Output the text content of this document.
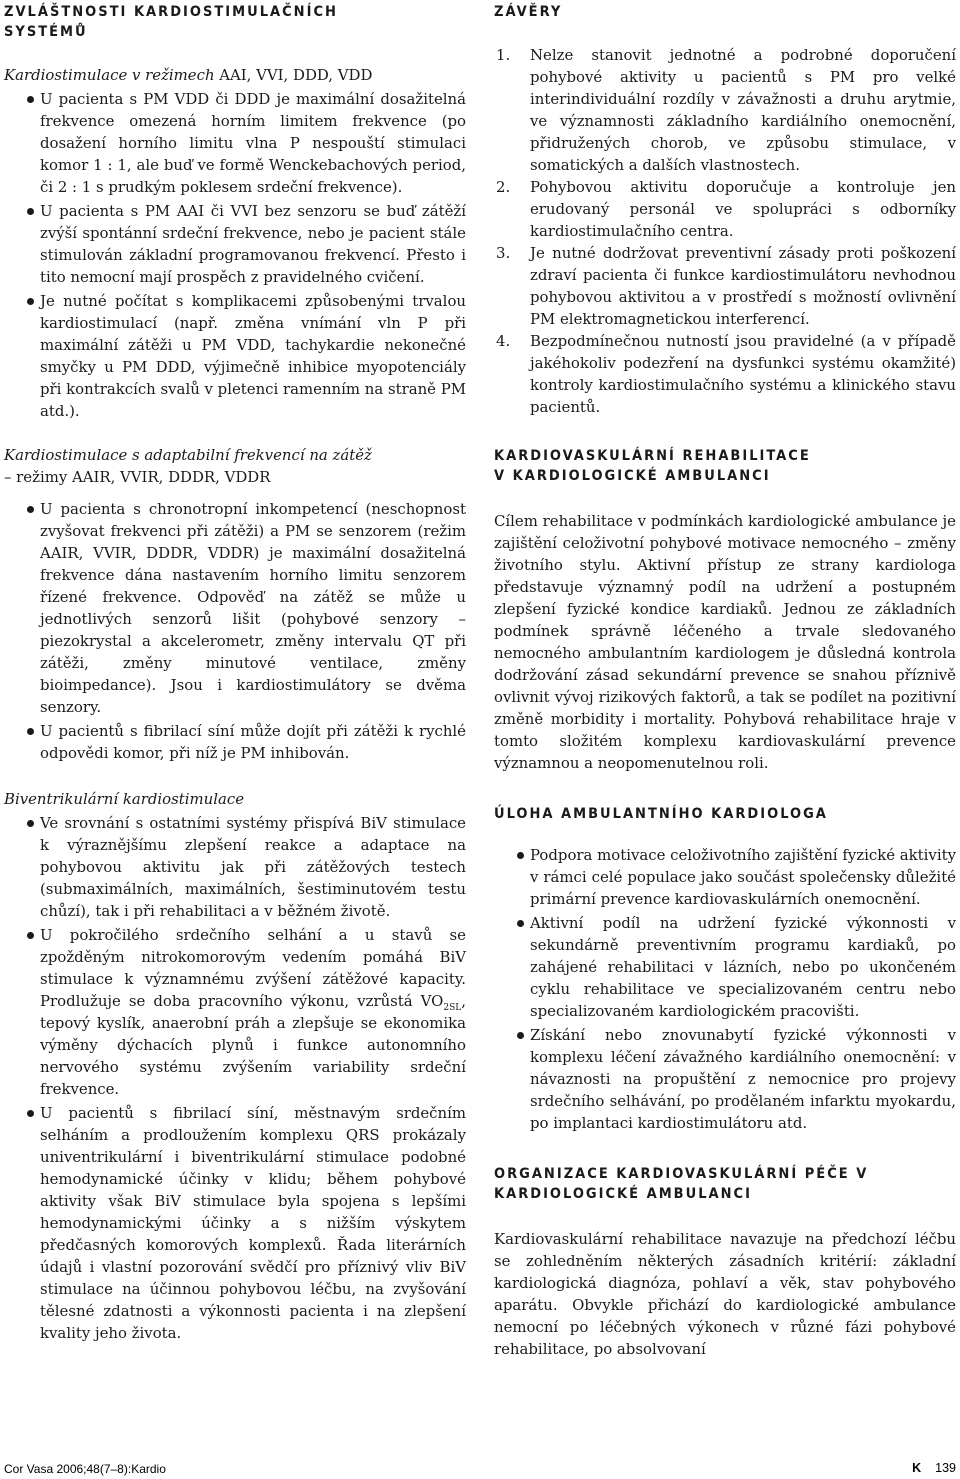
ZVLÁŠTNOSTI KARDIOSTIMULAČNÍCH SYSTÉMŮ

Kardiostimulace v režimech AAI, VVI, DDD, VDD

U pacienta s PM VDD či DDD je maximální dosažitelná frekvence omezená horním limitem frekvence (po dosažení horního limitu vlna P nespouští stimulaci komor 1 : 1, ale buď ve formě Wenckebachových period, či 2 : 1 s prudkým poklesem srdeční frekvence).
U pacienta s PM AAI či VVI bez senzoru se buď zátěží zvýší spontánní srdeční frekvence, nebo je pacient stále stimulován základní programovanou frekvencí. Přesto i tito nemocní mají prospěch z pravidelného cvičení.
Je nutné počítat s komplikacemi způsobenými trvalou kardiostimulací (např. změna vnímání vln P při maximální zátěži u PM VDD, tachykardie nekonečné smyčky u PM DDD, výjimečně inhibice myopotenciály při kontrakcích svalů v pletenci ramenním na straně PM atd.).

Kardiostimulace s adaptabilní frekvencí na zátěž

– režimy AAIR, VVIR, DDDR, VDDR

U pacienta s chronotropní inkompetencí (neschopnost zvyšovat frekvenci při zátěži) a PM se senzorem (režim AAIR, VVIR, DDDR, VDDR) je maximální dosažitelná frekvence dána nastavením horního limitu senzorem řízené frekvence. Odpověď na zátěž se může u jednotlivých senzorů lišit (pohybové senzory – piezokrystal a akcelerometr, změny intervalu QT při zátěži, změny minutové ventilace, změny bioimpedance). Jsou i kardiostimulátory se dvěma senzory.
U pacientů s fibrilací síní může dojít při zátěži k rychlé odpovědi komor, při níž je PM inhibován.

Biventrikulární kardiostimulace

Ve srovnání s ostatními systémy přispívá BiV stimulace k výraznějšímu zlepšení reakce a adaptace na pohybovou aktivitu jak při zátěžových testech (submaximálních, maximálních, šestiminutovém testu chůzí), tak i při rehabilitaci a v běžném životě.
U pokročilého srdečního selhání a u stavů se zpožděným nitrokomorovým vedením pomáhá BiV stimulace k významnému zvýšení zátěžové kapacity. Prodlužuje se doba pracovního výkonu, vzrůstá $VO_{2SL}$, tepový kyslík, anaerobní práh a zlepšuje se ekonomika výměny dýchacích plynů i funkce autonomního nervového systému zvýšením variability srdeční frekvence.
U pacientů s fibrilací síní, městnavým srdečním selháním a prodloužením komplexu QRS prokázaly univentrikulární i biventrikulární stimulace podobné hemodynamické účinky v klidu; během pohybové aktivity však BiV stimulace byla spojena s lepšími hemodynamickými účinky a s nižším výskytem předčasných komorových komplexů. Řada literárních údajů i vlastní pozorování svědčí pro příznivý vliv BiV stimulace na účinnou pohybovou léčbu, na zvyšování tělesné zdatnosti a výkonnosti pacienta i na zlepšení kvality jeho života.
ZÁVĚRY
1. Nelze stanovit jednotné a podrobné doporučení pohybové aktivity u pacientů s PM pro velké interindividuální rozdíly v závažnosti a druhu arytmie, ve významnosti základního kardiálního onemocnění, přidružených chorob, ve způsobu stimulace, v somatických a dalších vlastnostech.
2. Pohybovou aktivitu doporučuje a kontroluje jen erudovaný personál ve spolupráci s odborníky kardiostimulačního centra.
3. Je nutné dodržovat preventivní zásady proti poškození zdraví pacienta či funkce kardiostimulátoru nevhodnou pohybovou aktivitou a v prostředí s možností ovlivnění PM elektromagnetickou interferencí.
4. Bezpodmínečnou nutností jsou pravidelné (a v případě jakéhokoliv podezření na dysfunkci systému okamžité) kontroly kardiostimulačního systému a klinického stavu pacientů.
KARDIOVASKULÁRNÍ REHABILITACE V KARDIOLOGICKÉ AMBULANCI

Cílem rehabilitace v podmínkách kardiologické ambulance je zajištění celoživotní pohybové motivace nemocného – změny životního stylu. Aktivní přístup ze strany kardiologa představuje významný podíl na udržení a postupném zlepšení fyzické kondice kardiaků. Jednou ze základních podmínek správně léčeného a trvale sledovaného nemocného ambulantním kardiologem je důsledná kontrola dodržování zásad sekundární prevence se snahou příznivě ovlivnit vývoj rizikových faktorů, a tak se podílet na pozitivní změně morbidity i mortality. Pohybová rehabilitace hraje v tomto složitém komplexu kardiovaskulární prevence významnou a neopomenutelnou roli.

ÚLOHA AMBULANTNÍHO KARDIOLOGA
Podpora motivace celoživotního zajištění fyzické aktivity v rámci celé populace jako součást společensky důležité primární prevence kardiovaskulárních onemocnění.
Aktivní podíl na udržení fyzické výkonnosti v sekundárně preventivním programu kardiaků, po zahájené rehabilitaci v lázních, nebo po ukončeném cyklu rehabilitace ve specializovaném centru nebo specializovaném kardiologickém pracovišti.
Získání nebo znovunabytí fyzické výkonnosti v komplexu léčení závažného kardiálního onemocnění: v návaznosti na propuštění z nemocnice pro projevy srdečního selhávání, po prodělaném infarktu myokardu, po implantaci kardiostimulátoru atd.
ORGANIZACE KARDIOVASKULÁRNÍ PÉČE V KARDIOLOGICKÉ AMBULANCI

Kardiovaskulární rehabilitace navazuje na předchozí léčbu se zohledněním některých zásadních kritérií: základní kardiologická diagnóza, pohlaví a věk, stav pohybového aparátu. Obvykle přichází do kardiologické ambulance nemocní po léčebných výkonech v různé fázi pohybové rehabilitace, po absolvovaní

Cor Vasa 2006;48(7–8):Kardio	K 139
